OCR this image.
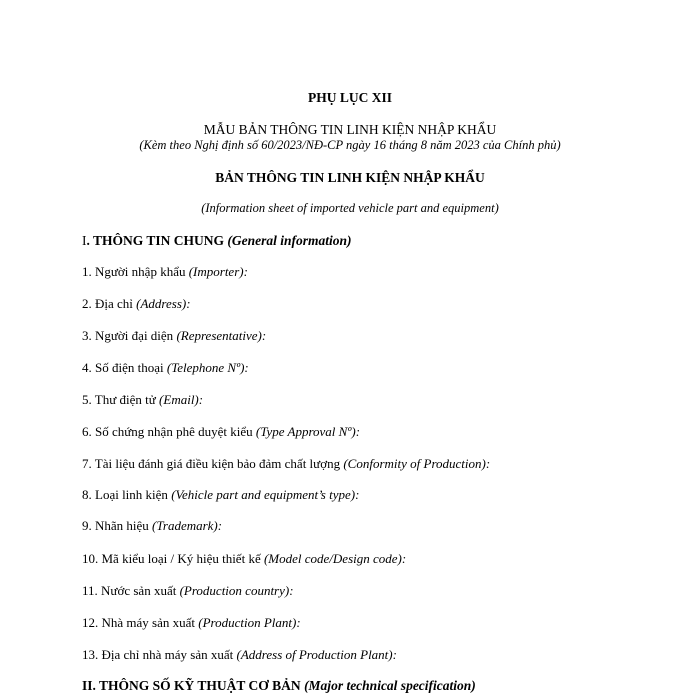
PHỤ LỤC XII
MẪU BẢN THÔNG TIN LINH KIỆN NHẬP KHẨU
(Kèm theo Nghị định số 60/2023/NĐ-CP ngày 16 tháng 8 năm 2023 của Chính phủ)
BẢN THÔNG TIN LINH KIỆN NHẬP KHẨU
(Information sheet of imported vehicle part and equipment)
I. THÔNG TIN CHUNG (General information)
1. Người nhập khẩu (Importer):
2. Địa chỉ (Address):
3. Người đại diện (Representative):
4. Số điện thoại (Telephone Nº):
5. Thư điện tử (Email):
6. Số chứng nhận phê duyệt kiểu (Type Approval Nº):
7. Tài liệu đánh giá điều kiện bảo đảm chất lượng (Conformity of Production):
8. Loại linh kiện (Vehicle part and equipment’s type):
9. Nhãn hiệu (Trademark):
10. Mã kiểu loại / Ký hiệu thiết kế (Model code/Design code):
11. Nước sản xuất (Production country):
12. Nhà máy sản xuất (Production Plant):
13. Địa chỉ nhà máy sản xuất (Address of Production Plant):
II. THÔNG SỐ KỸ THUẬT CƠ BẢN (Major technical specification)
